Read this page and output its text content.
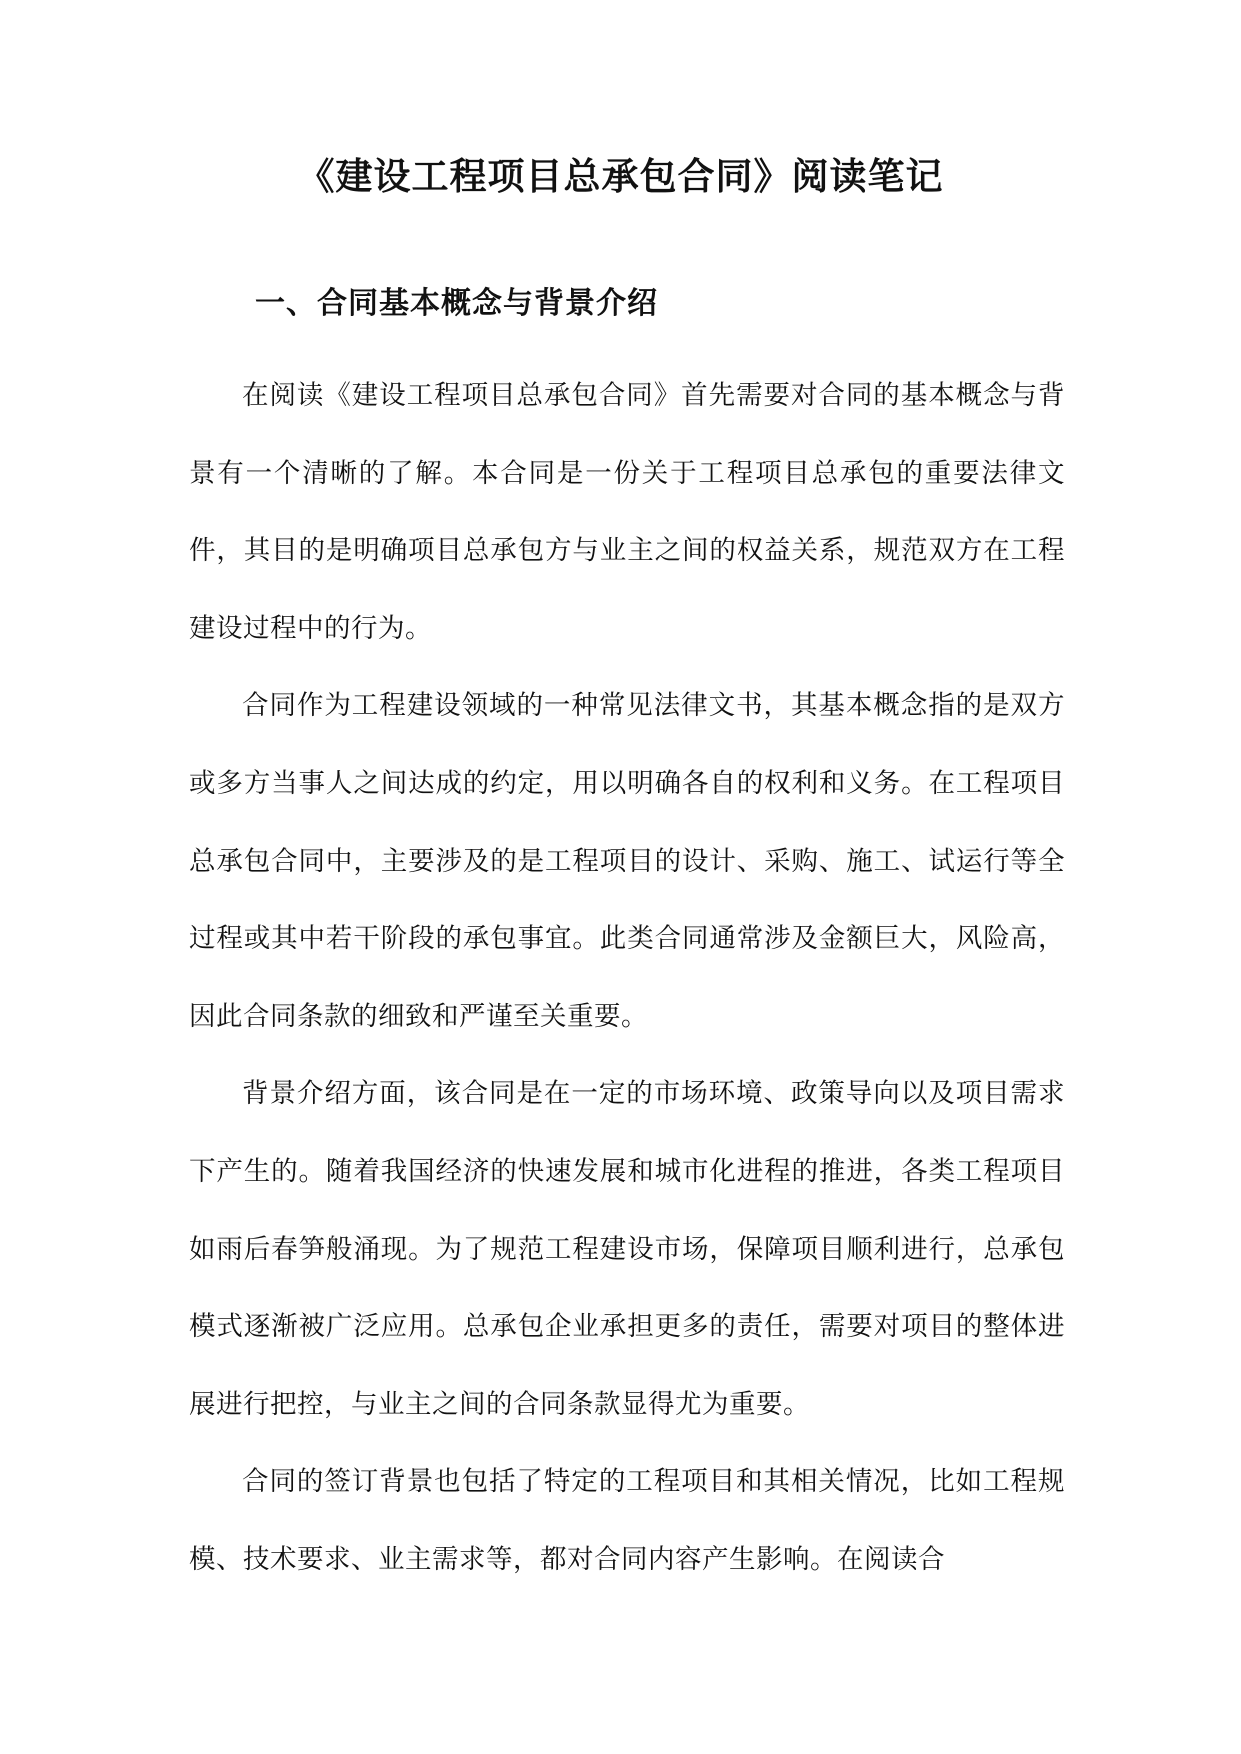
《建设工程项目总承包合同》阅读笔记
一、合同基本概念与背景介绍

在阅读《建设工程项目总承包合同》首先需要对合同的基本概念与背景有一个清晰的了解。本合同是一份关于工程项目总承包的重要法律文件，其目的是明确项目总承包方与业主之间的权益关系，规范双方在工程建设过程中的行为。

合同作为工程建设领域的一种常见法律文书，其基本概念指的是双方或多方当事人之间达成的约定，用以明确各自的权利和义务。在工程项目总承包合同中，主要涉及的是工程项目的设计、采购、施工、试运行等全过程或其中若干阶段的承包事宜。此类合同通常涉及金额巨大，风险高，因此合同条款的细致和严谨至关重要。

背景介绍方面，该合同是在一定的市场环境、政策导向以及项目需求下产生的。随着我国经济的快速发展和城市化进程的推进，各类工程项目如雨后春笋般涌现。为了规范工程建设市场，保障项目顺利进行，总承包模式逐渐被广泛应用。总承包企业承担更多的责任，需要对项目的整体进展进行把控，与业主之间的合同条款显得尤为重要。

合同的签订背景也包括了特定的工程项目和其相关情况，比如工程规模、技术要求、业主需求等，都对合同内容产生影响。在阅读合
